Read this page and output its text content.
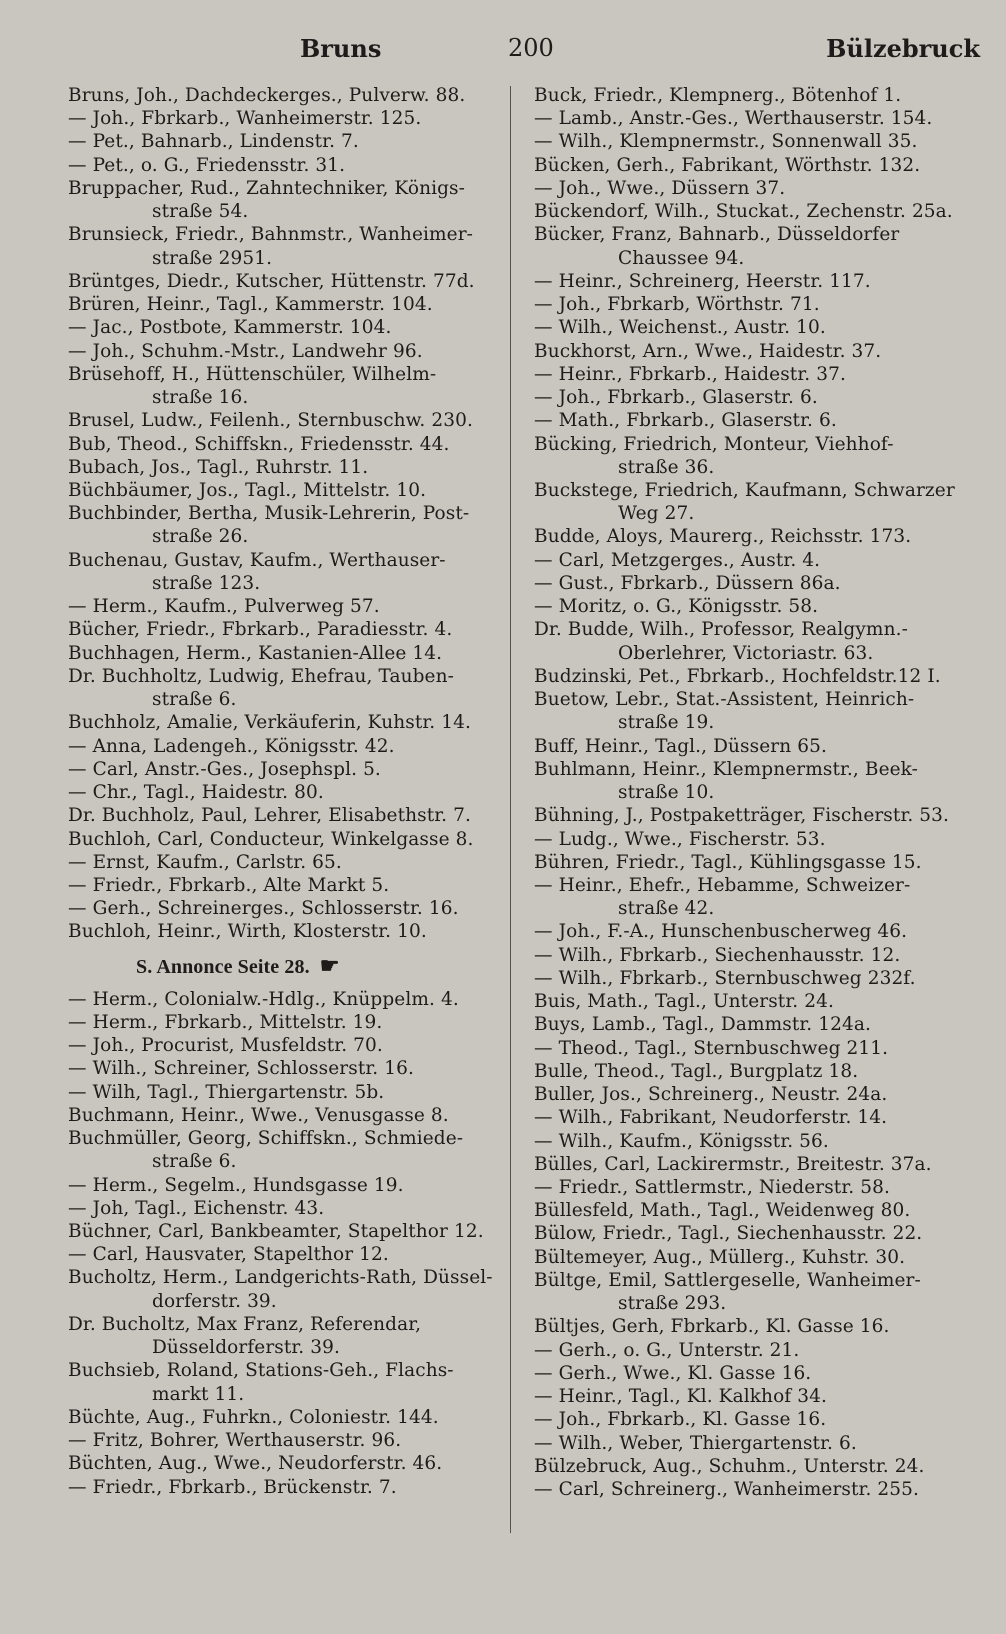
Bruns	200	Bülzebruck
Bruns, Joh., Dachdeckerges., Pulverw. 88.
— Joh., Fbrkarb., Wanheimerstr. 125.
— Pet., Bahnarb., Lindenstr. 7.
— Pet., o. G., Friedensstr. 31.
Bruppacher, Rud., Zahntechniker, Königs-
straße 54.
Brunsieck, Friedr., Bahnmstr., Wanheimer-
straße 2951.
Brüntges, Diedr., Kutscher, Hüttenstr. 77d.
Brüren, Heinr., Tagl., Kammerstr. 104.
— Jac., Postbote, Kammerstr. 104.
— Joh., Schuhm.-Mstr., Landwehr 96.
Brüsehoff, H., Hüttenschüler, Wilhelm-
straße 16.
Brusel, Ludw., Feilenh., Sternbuschw. 230.
Bub, Theod., Schiffskn., Friedensstr. 44.
Bubach, Jos., Tagl., Ruhrstr. 11.
Büchbäumer, Jos., Tagl., Mittelstr. 10.
Buchbinder, Bertha, Musik-Lehrerin, Post-
straße 26.
Buchenau, Gustav, Kaufm., Werthauser-
straße 123.
— Herm., Kaufm., Pulverweg 57.
Bücher, Friedr., Fbrkarb., Paradiesstr. 4.
Buchhagen, Herm., Kastanien-Allee 14.
Dr. Buchholtz, Ludwig, Ehefrau, Tauben-
straße 6.
Buchholz, Amalie, Verkäuferin, Kuhstr. 14.
— Anna, Ladengeh., Königsstr. 42.
— Carl, Anstr.-Ges., Josephspl. 5.
— Chr., Tagl., Haidestr. 80.
Dr. Buchholz, Paul, Lehrer, Elisabethstr. 7.
Buchloh, Carl, Conducteur, Winkelgasse 8.
— Ernst, Kaufm., Carlstr. 65.
— Friedr., Fbrkarb., Alte Markt 5.
— Gerh., Schreinerges., Schlosserstr. 16.
Buchloh, Heinr., Wirth, Klosterstr. 10.
S. Annonce Seite 28. ☛
— Herm., Colonialw.-Hdlg., Knüppelm. 4.
— Herm., Fbrkarb., Mittelstr. 19.
— Joh., Procurist, Musfeldstr. 70.
— Wilh., Schreiner, Schlosserstr. 16.
— Wilh, Tagl., Thiergartenstr. 5b.
Buchmann, Heinr., Wwe., Venusgasse 8.
Buchmüller, Georg, Schiffskn., Schmiede-
straße 6.
— Herm., Segelm., Hundsgasse 19.
— Joh, Tagl., Eichenstr. 43.
Büchner, Carl, Bankbeamter, Stapelthor 12.
— Carl, Hausvater, Stapelthor 12.
Bucholtz, Herm., Landgerichts-Rath, Düssel-
dorferstr. 39.
Dr. Bucholtz, Max Franz, Referendar,
Düsseldorferstr. 39.
Buchsieb, Roland, Stations-Geh., Flachs-
markt 11.
Büchte, Aug., Fuhrkn., Coloniestr. 144.
— Fritz, Bohrer, Werthauserstr. 96.
Büchten, Aug., Wwe., Neudorferstr. 46.
— Friedr., Fbrkarb., Brückenstr. 7.
Buck, Friedr., Klempnerg., Bötenhof 1.
— Lamb., Anstr.-Ges., Werthauserstr. 154.
— Wilh., Klempnermstr., Sonnenwall 35.
Bücken, Gerh., Fabrikant, Wörthstr. 132.
— Joh., Wwe., Düssern 37.
Bückendorf, Wilh., Stuckat., Zechenstr. 25a.
Bücker, Franz, Bahnarb., Düsseldorfer
Chaussee 94.
— Heinr., Schreinerg, Heerstr. 117.
— Joh., Fbrkarb, Wörthstr. 71.
— Wilh., Weichenst., Austr. 10.
Buckhorst, Arn., Wwe., Haidestr. 37.
— Heinr., Fbrkarb., Haidestr. 37.
— Joh., Fbrkarb., Glaserstr. 6.
— Math., Fbrkarb., Glaserstr. 6.
Bücking, Friedrich, Monteur, Viehhof-
straße 36.
Buckstege, Friedrich, Kaufmann, Schwarzer
Weg 27.
Budde, Aloys, Maurerg., Reichsstr. 173.
— Carl, Metzgerges., Austr. 4.
— Gust., Fbrkarb., Düssern 86a.
— Moritz, o. G., Königsstr. 58.
Dr. Budde, Wilh., Professor, Realgymn.-
Oberlehrer, Victoriastr. 63.
Budzinski, Pet., Fbrkarb., Hochfeldstr.12 I.
Buetow, Lebr., Stat.-Assistent, Heinrich-
straße 19.
Buff, Heinr., Tagl., Düssern 65.
Buhlmann, Heinr., Klempnermstr., Beek-
straße 10.
Bühning, J., Postpaketträger, Fischerstr. 53.
— Ludg., Wwe., Fischerstr. 53.
Bühren, Friedr., Tagl., Kühlingsgasse 15.
— Heinr., Ehefr., Hebamme, Schweizer-
straße 42.
— Joh., F.-A., Hunschenbuscherweg 46.
— Wilh., Fbrkarb., Siechenhausstr. 12.
— Wilh., Fbrkarb., Sternbuschweg 232f.
Buis, Math., Tagl., Unterstr. 24.
Buys, Lamb., Tagl., Dammstr. 124a.
— Theod., Tagl., Sternbuschweg 211.
Bulle, Theod., Tagl., Burgplatz 18.
Buller, Jos., Schreinerg., Neustr. 24a.
— Wilh., Fabrikant, Neudorferstr. 14.
— Wilh., Kaufm., Königsstr. 56.
Bülles, Carl, Lackirermstr., Breitestr. 37a.
— Friedr., Sattlermstr., Niederstr. 58.
Büllesfeld, Math., Tagl., Weidenweg 80.
Bülow, Friedr., Tagl., Siechenhausstr. 22.
Bültemeyer, Aug., Müllerg., Kuhstr. 30.
Bültge, Emil, Sattlergeselle, Wanheimer-
straße 293.
Bültjes, Gerh, Fbrkarb., Kl. Gasse 16.
— Gerh., o. G., Unterstr. 21.
— Gerh., Wwe., Kl. Gasse 16.
— Heinr., Tagl., Kl. Kalkhof 34.
— Joh., Fbrkarb., Kl. Gasse 16.
— Wilh., Weber, Thiergartenstr. 6.
Bülzebruck, Aug., Schuhm., Unterstr. 24.
— Carl, Schreinerg., Wanheimerstr. 255.
